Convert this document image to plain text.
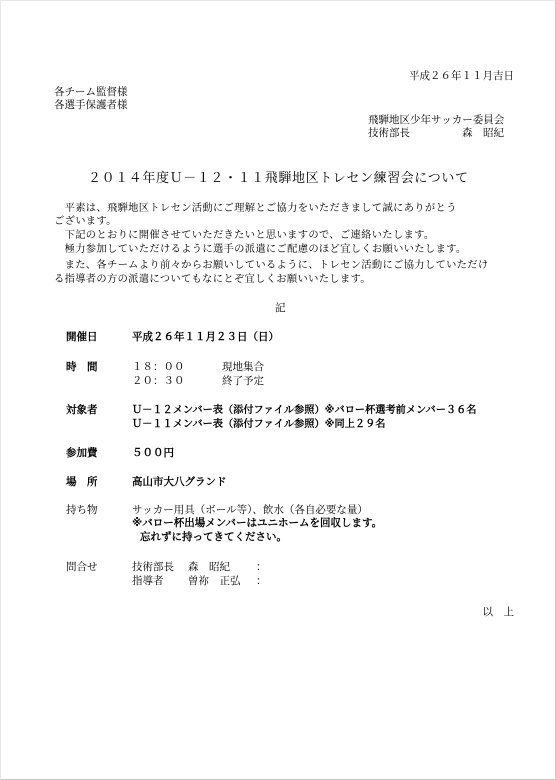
平成２６年１１月吉日
各チーム監督様
各選手保護者様
飛騨地区少年サッカー委員会
技術部長	森　昭紀
２０１４年度Ｕ－１２・１１飛騨地区トレセン練習会について
　平素は、飛騨地区トレセン活動にご理解とご協力をいただきまして誠にありがとう
ございます。
　下記のとおりに開催させていただきたいと思いますので、ご連絡いたします。
　極力参加していただけるように選手の派遣にご配慮のほど宜しくお願いいたします。
　また、各チームより前々からお願いしているように、トレセン活動にご協力していただけ
る指導者の方の派遣についてもなにとぞ宜しくお願いいたします。
記
開催日	平成２６年１１月２３日（日）
時　間	１８：００	現地集合
２０：３０	終了予定
対象者	Ｕ－１２メンバー表（添付ファイル参照）※バロー杯選考前メンバー３６名
Ｕ－１１メンバー表（添付ファイル参照）※同上２９名
参加費	５００円
場　所	高山市大八グランド
持ち物	サッカー用具（ボール等）、飲水（各自必要な量）
※バロー杯出場メンバーはユニホームを回収します。
忘れずに持ってきてください。
問合せ	技術部長 森　昭紀 ：
指導者 曽祢　正弘 ：
以　上
